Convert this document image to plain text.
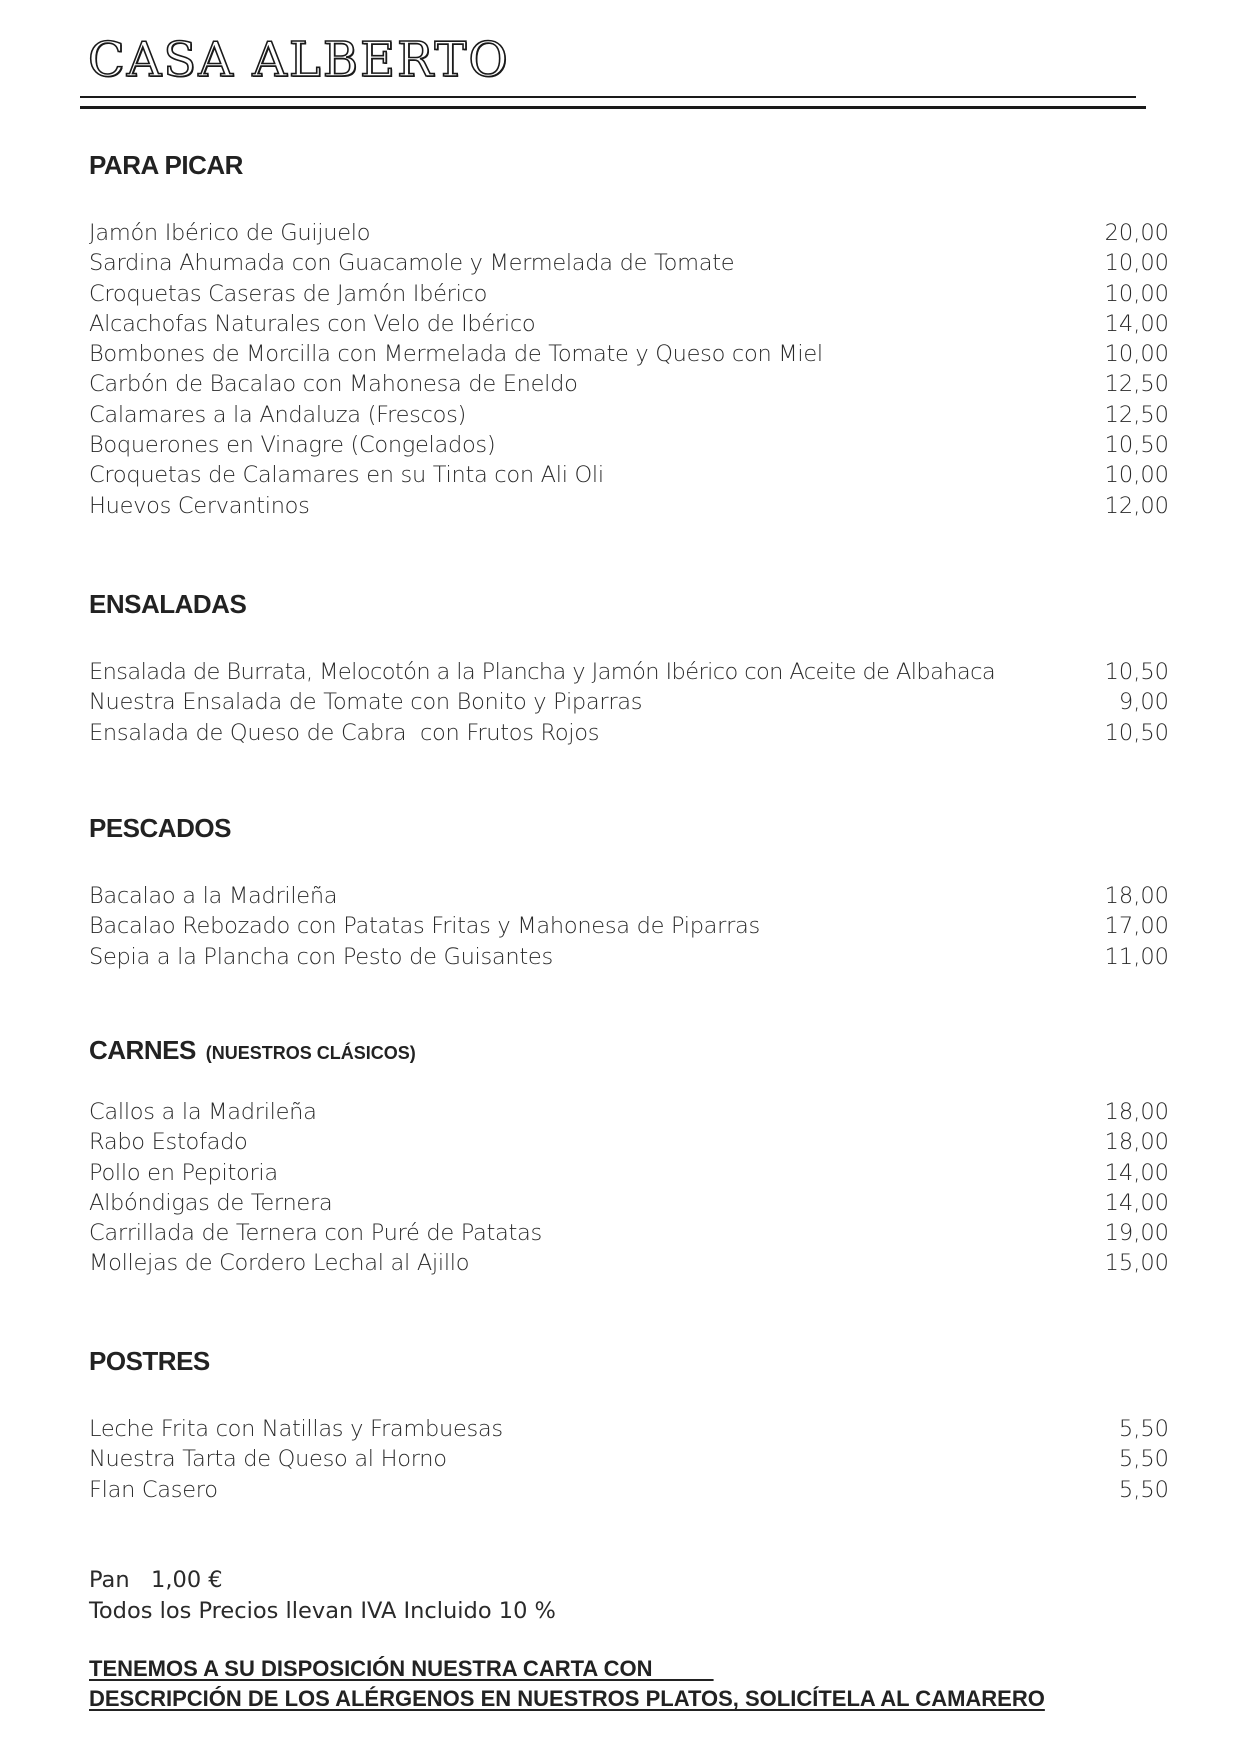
CASA ALBERTO
PARA PICAR
Jamón Ibérico de Guijuelo	20,00
Sardina Ahumada con Guacamole y Mermelada de Tomate	10,00
Croquetas Caseras de Jamón Ibérico	10,00
Alcachofas Naturales con Velo de Ibérico	14,00
Bombones de Morcilla con Mermelada de Tomate y Queso con Miel	10,00
Carbón de Bacalao con Mahonesa de Eneldo	12,50
Calamares a la Andaluza (Frescos)	12,50
Boquerones en Vinagre (Congelados)	10,50
Croquetas de Calamares en su Tinta con Ali Oli	10,00
Huevos Cervantinos	12,00
ENSALADAS
Ensalada de Burrata, Melocotón a la Plancha y Jamón Ibérico con Aceite de Albahaca	10,50
Nuestra Ensalada de Tomate con Bonito y Piparras	9,00
Ensalada de Queso de Cabra  con Frutos Rojos	10,50
PESCADOS
Bacalao a la Madrileña	18,00
Bacalao Rebozado con Patatas Fritas y Mahonesa de Piparras	17,00
Sepia a la Plancha con Pesto de Guisantes	11,00
CARNES (NUESTROS CLÁSICOS)
Callos a la Madrileña	18,00
Rabo Estofado	18,00
Pollo en Pepitoria	14,00
Albóndigas de Ternera	14,00
Carrillada de Ternera con Puré de Patatas	19,00
Mollejas de Cordero Lechal al Ajillo	15,00
POSTRES
Leche Frita con Natillas y Frambuesas	5,50
Nuestra Tarta de Queso al Horno	5,50
Flan Casero	5,50
Pan   1,00 €
Todos los Precios llevan IVA Incluido 10 %
TENEMOS A SU DISPOSICIÓN NUESTRA CARTA CON
DESCRIPCIÓN DE LOS ALÉRGENOS EN NUESTROS PLATOS, SOLICÍTELA AL CAMARERO
